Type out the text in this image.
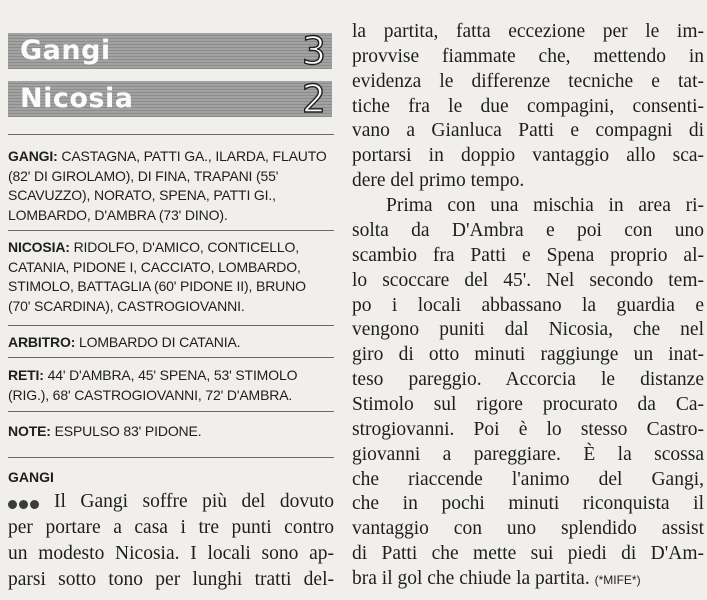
Gangi	3
Nicosia	2
GANGI: CASTAGNA, PATTI GA., ILARDA, FLAUTO
(82' DI GIROLAMO), DI FINA, TRAPANI (55'
SCAVUZZO), NORATO, SPENA, PATTI GI.,
LOMBARDO, D'AMBRA (73' DINO).
NICOSIA: RIDOLFO, D'AMICO, CONTICELLO,
CATANIA, PIDONE I, CACCIATO, LOMBARDO,
STIMOLO, BATTAGLIA (60' PIDONE II), BRUNO
(70' SCARDINA), CASTROGIOVANNI.
ARBITRO: LOMBARDO DI CATANIA.
RETI: 44' D'AMBRA, 45' SPENA, 53' STIMOLO
(RIG.), 68' CASTROGIOVANNI, 72' D'AMBRA.
NOTE: ESPULSO 83' PIDONE.
GANGI
Il Gangi soffre più del dovuto
per portare a casa i tre punti contro
un modesto Nicosia. I locali sono ap-
parsi sotto tono per lunghi tratti del-
la partita, fatta eccezione per le im-
provvise fiammate che, mettendo in
evidenza le differenze tecniche e tat-
tiche fra le due compagini, consenti-
vano a Gianluca Patti e compagni di
portarsi in doppio vantaggio allo sca-
dere del primo tempo.
Prima con una mischia in area ri-
solta da D'Ambra e poi con uno
scambio fra Patti e Spena proprio al-
lo scoccare del 45'. Nel secondo tem-
po i locali abbassano la guardia e
vengono puniti dal Nicosia, che nel
giro di otto minuti raggiunge un inat-
teso pareggio. Accorcia le distanze
Stimolo sul rigore procurato da Ca-
strogiovanni. Poi è lo stesso Castro-
giovanni a pareggiare. È la scossa
che riaccende l'animo del Gangi,
che in pochi minuti riconquista il
vantaggio con uno splendido assist
di Patti che mette sui piedi di D'Am-
bra il gol che chiude la partita. (*MIFE*)
